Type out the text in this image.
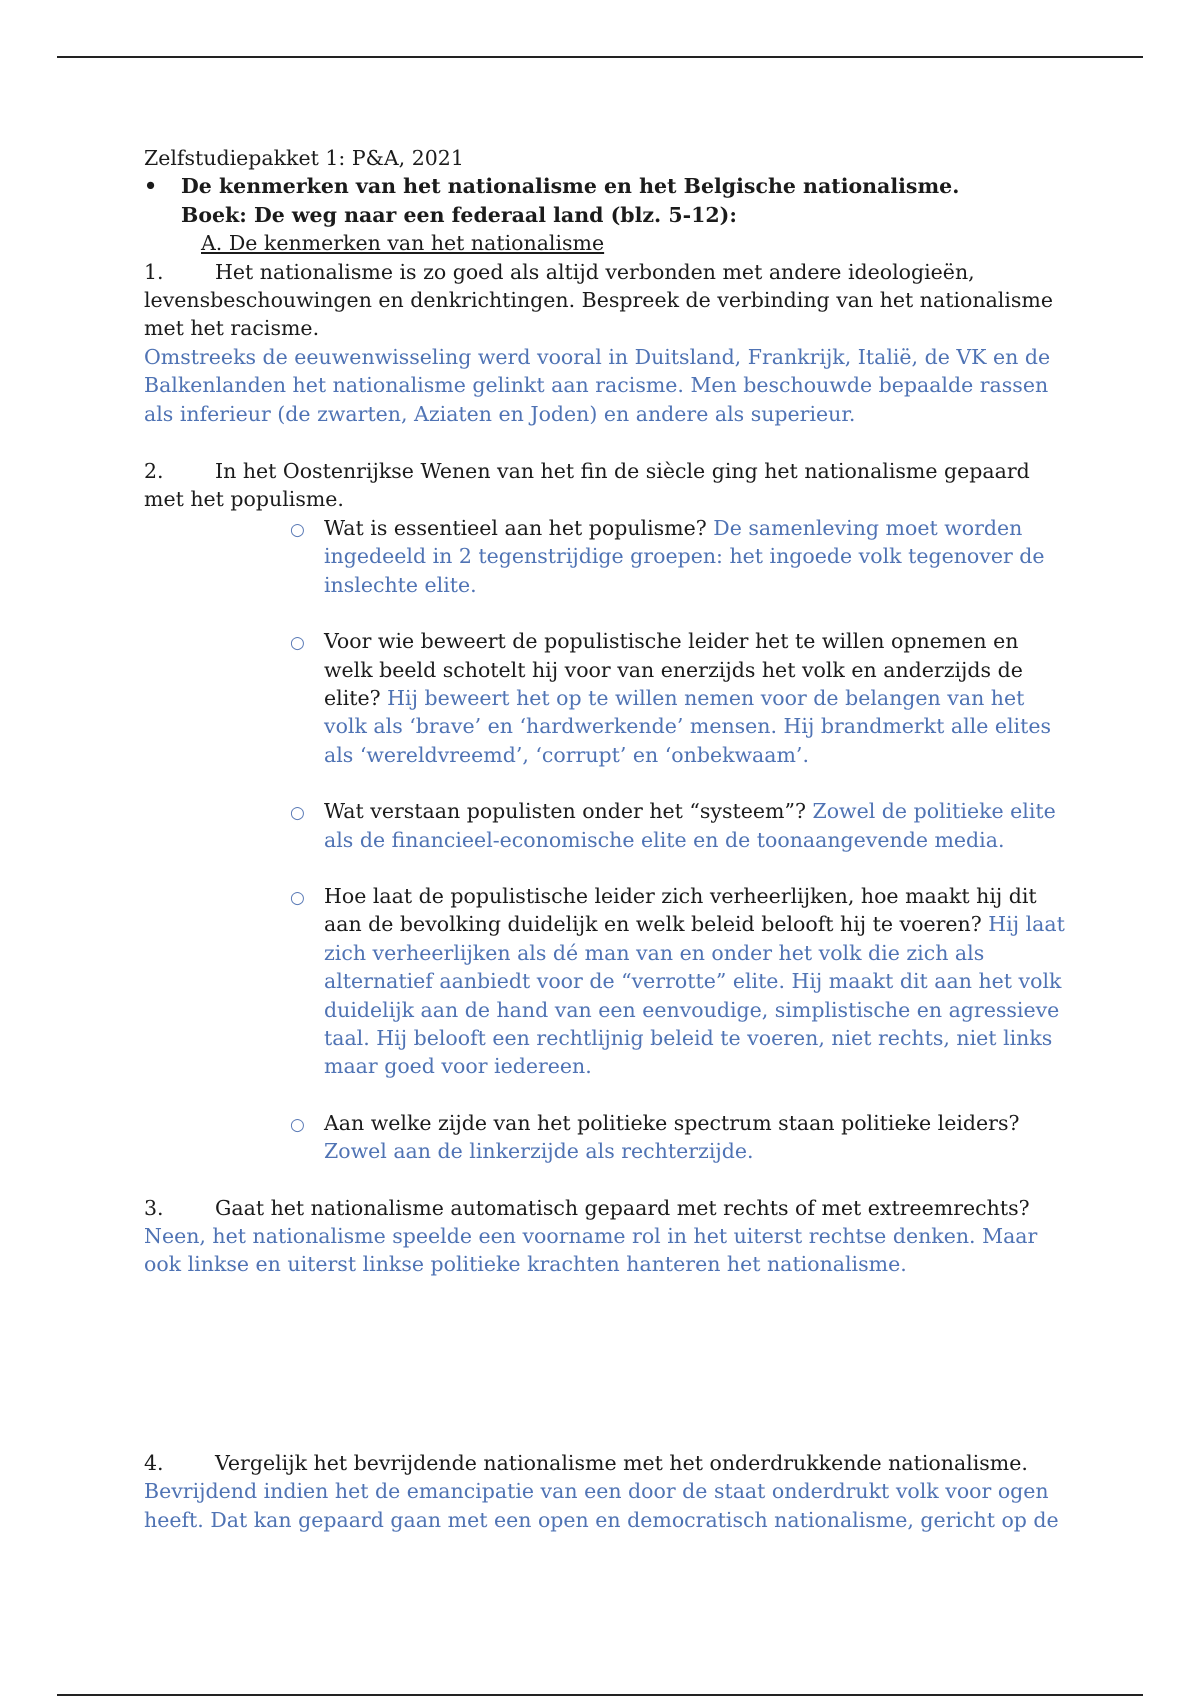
Zelfstudiepakket 1: P&A, 2021
• De kenmerken van het nationalisme en het Belgische nationalisme.
Boek: De weg naar een federaal land (blz. 5-12):
A. De kenmerken van het nationalisme
1.	Het nationalisme is zo goed als altijd verbonden met andere ideologieën,
levensbeschouwingen en denkrichtingen. Bespreek de verbinding van het nationalisme
met het racisme.
Omstreeks de eeuwenwisseling werd vooral in Duitsland, Frankrijk, Italië, de VK en de
Balkenlanden het nationalisme gelinkt aan racisme. Men beschouwde bepaalde rassen
als inferieur (de zwarten, Aziaten en Joden) en andere als superieur.
2.	In het Oostenrijkse Wenen van het fin de siècle ging het nationalisme gepaard
met het populisme.
○ Wat is essentieel aan het populisme? De samenleving moet worden
ingedeeld in 2 tegenstrijdige groepen: het ingoede volk tegenover de
inslechte elite.
○ Voor wie beweert de populistische leider het te willen opnemen en
welk beeld schotelt hij voor van enerzijds het volk en anderzijds de
elite? Hij beweert het op te willen nemen voor de belangen van het
volk als ‘brave’ en ‘hardwerkende’ mensen. Hij brandmerkt alle elites
als ‘wereldvreemd’, ‘corrupt’ en ‘onbekwaam’.
○ Wat verstaan populisten onder het “systeem”? Zowel de politieke elite
als de financieel-economische elite en de toonaangevende media.
○ Hoe laat de populistische leider zich verheerlijken, hoe maakt hij dit
aan de bevolking duidelijk en welk beleid belooft hij te voeren? Hij laat
zich verheerlijken als dé man van en onder het volk die zich als
alternatief aanbiedt voor de “verrotte” elite. Hij maakt dit aan het volk
duidelijk aan de hand van een eenvoudige, simplistische en agressieve
taal. Hij belooft een rechtlijnig beleid te voeren, niet rechts, niet links
maar goed voor iedereen.
○ Aan welke zijde van het politieke spectrum staan politieke leiders?
Zowel aan de linkerzijde als rechterzijde.
3.	Gaat het nationalisme automatisch gepaard met rechts of met extreemrechts?
Neen, het nationalisme speelde een voorname rol in het uiterst rechtse denken. Maar
ook linkse en uiterst linkse politieke krachten hanteren het nationalisme.
4.	Vergelijk het bevrijdende nationalisme met het onderdrukkende nationalisme.
Bevrijdend indien het de emancipatie van een door de staat onderdrukt volk voor ogen
heeft. Dat kan gepaard gaan met een open en democratisch nationalisme, gericht op de
